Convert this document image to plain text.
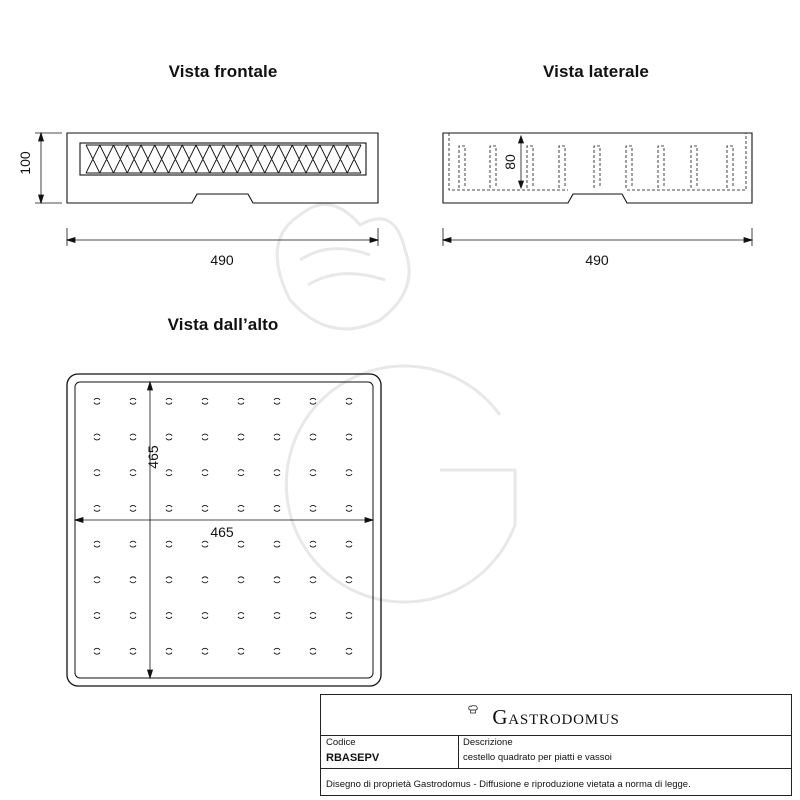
Vista frontale	Vista laterale
Vista dall’alto
100
490
80
490
465
465
GASTRODOMUS
Codice
RBASEPV
Descrizione
cestello quadrato per piatti e vassoi
Disegno di proprietà Gastrodomus - Diffusione e riproduzione vietata a norma di legge.
